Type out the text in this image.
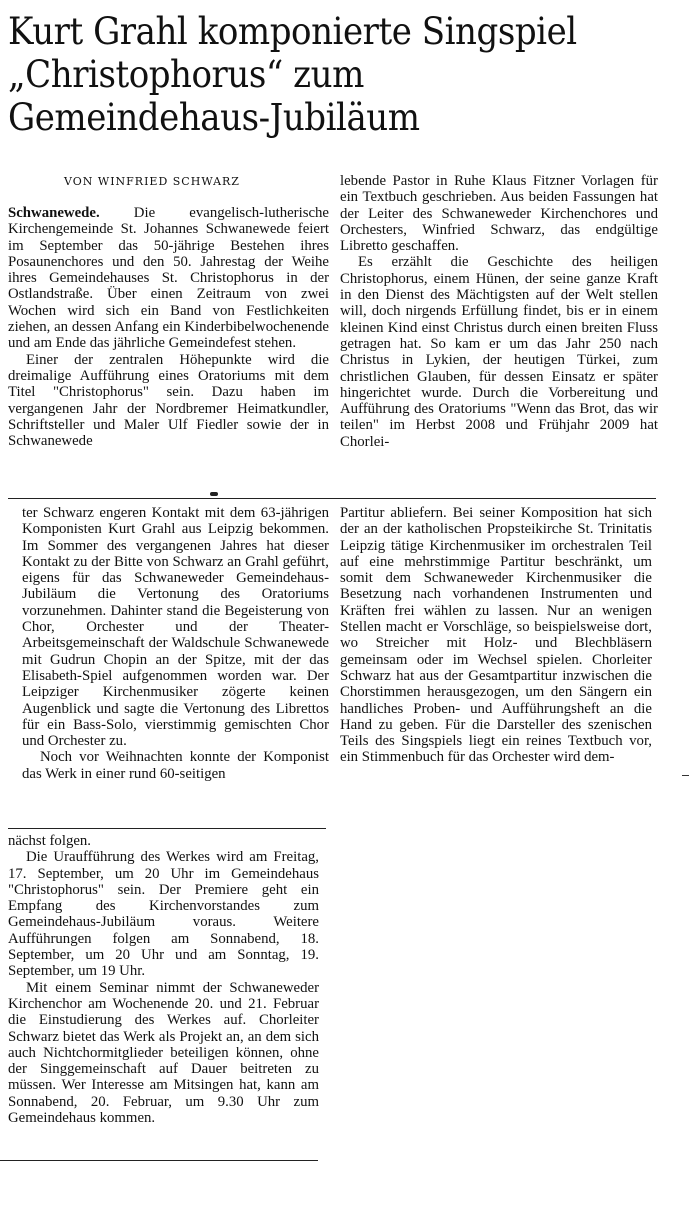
Kurt Grahl komponierte Singspiel
„Christophorus“ zum
Gemeindehaus-Jubiläum
VON WINFRIED SCHWARZ

Schwanewede. Die evangelisch-lutherische Kirchengemeinde St. Johannes Schwanewede feiert im September das 50-jährige Bestehen ihres Posaunenchores und den 50. Jahrestag der Weihe ihres Gemeindehauses St. Christophorus in der Ostlandstraße. Über einen Zeitraum von zwei Wochen wird sich ein Band von Festlichkeiten ziehen, an dessen Anfang ein Kinderbibelwochenende und am Ende das jährliche Gemeindefest stehen.

Einer der zentralen Höhepunkte wird die dreimalige Aufführung eines Oratoriums mit dem Titel "Christophorus" sein. Dazu haben im vergangenen Jahr der Nordbremer Heimatkundler, Schriftsteller und Maler Ulf Fiedler sowie der in Schwanewede

lebende Pastor in Ruhe Klaus Fitzner Vorlagen für ein Textbuch geschrieben. Aus beiden Fassungen hat der Leiter des Schwaneweder Kirchenchores und Orchesters, Winfried Schwarz, das endgültige Libretto geschaffen.

Es erzählt die Geschichte des heiligen Christophorus, einem Hünen, der seine ganze Kraft in den Dienst des Mächtigsten auf der Welt stellen will, doch nirgends Erfüllung findet, bis er in einem kleinen Kind einst Christus durch einen breiten Fluss getragen hat. So kam er um das Jahr 250 nach Christus in Lykien, der heutigen Türkei, zum christlichen Glauben, für dessen Einsatz er später hingerichtet wurde. Durch die Vorbereitung und Aufführung des Oratoriums "Wenn das Brot, das wir teilen" im Herbst 2008 und Frühjahr 2009 hat Chorlei-

ter Schwarz engeren Kontakt mit dem 63-jährigen Komponisten Kurt Grahl aus Leipzig bekommen. Im Sommer des vergangenen Jahres hat dieser Kontakt zu der Bitte von Schwarz an Grahl geführt, eigens für das Schwaneweder Gemeindehaus-Jubiläum die Vertonung des Oratoriums vorzunehmen. Dahinter stand die Begeisterung von Chor, Orchester und der Theater-Arbeitsgemeinschaft der Waldschule Schwanewede mit Gudrun Chopin an der Spitze, mit der das Elisabeth-Spiel aufgenommen worden war. Der Leipziger Kirchenmusiker zögerte keinen Augenblick und sagte die Vertonung des Librettos für ein Bass-Solo, vierstimmig gemischten Chor und Orchester zu.

Noch vor Weihnachten konnte der Komponist das Werk in einer rund 60-seitigen

Partitur abliefern. Bei seiner Komposition hat sich der an der katholischen Propsteikirche St. Trinitatis Leipzig tätige Kirchenmusiker im orchestralen Teil auf eine mehrstimmige Partitur beschränkt, um somit dem Schwaneweder Kirchenmusiker die Besetzung nach vorhandenen Instrumenten und Kräften frei wählen zu lassen. Nur an wenigen Stellen macht er Vorschläge, so beispielsweise dort, wo Streicher mit Holz- und Blechbläsern gemeinsam oder im Wechsel spielen. Chorleiter Schwarz hat aus der Gesamtpartitur inzwischen die Chorstimmen herausgezogen, um den Sängern ein handliches Proben- und Aufführungsheft an die Hand zu geben. Für die Darsteller des szenischen Teils des Singspiels liegt ein reines Textbuch vor, ein Stimmenbuch für das Orchester wird dem-

nächst folgen.

Die Uraufführung des Werkes wird am Freitag, 17. September, um 20 Uhr im Gemeindehaus "Christophorus" sein. Der Premiere geht ein Empfang des Kirchenvorstandes zum Gemeindehaus-Jubiläum voraus. Weitere Aufführungen folgen am Sonnabend, 18. September, um 20 Uhr und am Sonntag, 19. September, um 19 Uhr.

Mit einem Seminar nimmt der Schwaneweder Kirchenchor am Wochenende 20. und 21. Februar die Einstudierung des Werkes auf. Chorleiter Schwarz bietet das Werk als Projekt an, an dem sich auch Nichtchormitglieder beteiligen können, ohne der Singgemeinschaft auf Dauer beitreten zu müssen. Wer Interesse am Mitsingen hat, kann am Sonnabend, 20. Februar, um 9.30 Uhr zum Gemeindehaus kommen.
